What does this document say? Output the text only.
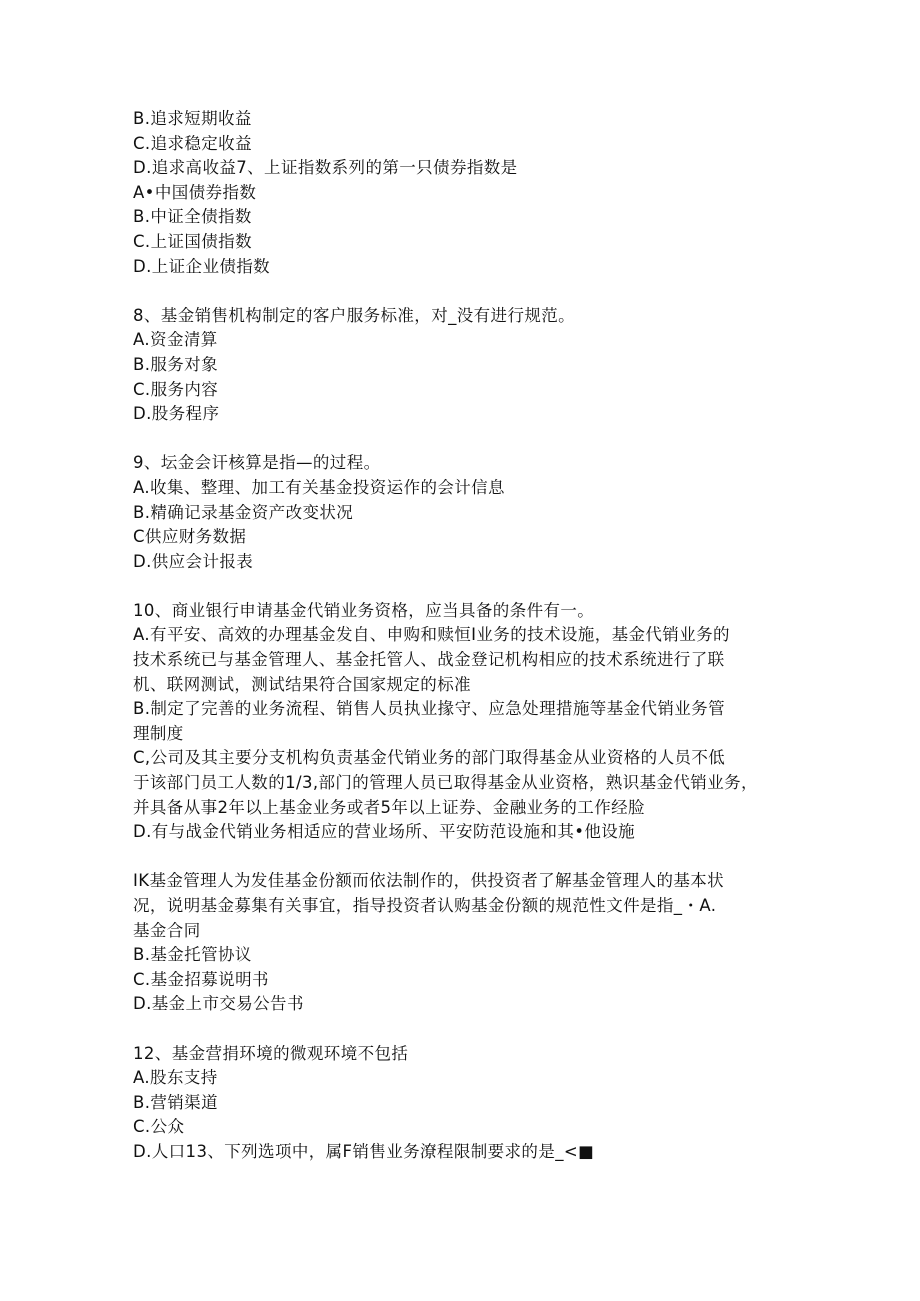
B.追求短期收益
C.追求稳定收益
D.追求高收益7、上证指数系列的第一只债券指数是
A•中国债券指数
B.中证全债指数
C.上证国债指数
D.上证企业债指数
8、基金销售机构制定的客户服务标准，对_没有进行规范。
A.资金清算
B.服务对象
C.服务内容
D.股务程序
9、坛金会讦核算是指—的过程。
A.收集、整理、加工有关基金投资运作的会计信息
B.精确记录基金资产改变状况
C供应财务数据
D.供应会计报表
10、商业银行申请基金代销业务资格，应当具备的条件有一。
A.有平安、高效的办理基金发自、申购和赎恒I业务的技术设施，基金代销业务的
技术系统已与基金管理人、基金托管人、战金登记机构相应的技术系统进行了联
机、联网测试，测试结果符合国家规定的标准
B.制定了完善的业务流程、销售人员执业掾守、应急处理措施等基金代销业务管
理制度
C,公司及其主要分支机构负责基金代销业务的部门取得基金从业资格的人员不低
于该部门员工人数的1/3,部门的管理人员已取得基金从业资格，熟识基金代销业务，
并具备从事2年以上基金业务或者5年以上证券、金融业务的工作经脸
D.有与战金代销业务相适应的营业场所、平安防范设施和其•他设施
IK基金管理人为发佳基金份额而依法制作的，供投资者了解基金管理人的基本状
况，说明基金募集有关事宜，指导投资者认购基金份额的规范性文件是指_・A.
基金合同
B.基金托管协议
C.基金招募说明书
D.基金上市交易公告书
12、基金营捐环境的微观环境不包括
A.股东支持
B.营销渠道
C.公众
D.人口13、下列选项中，属F销售业务潦程限制要求的是_<■
